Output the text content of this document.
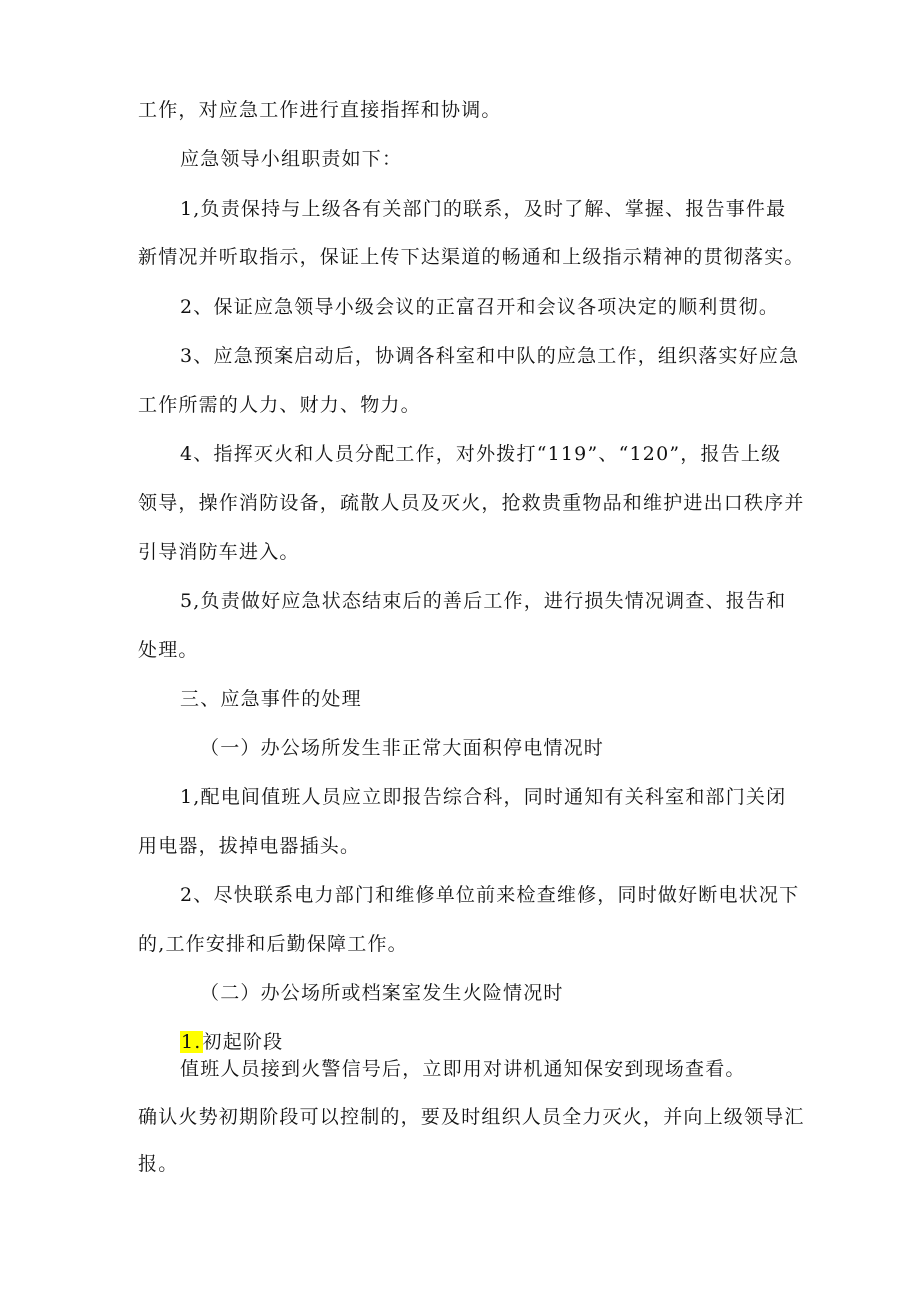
工作，对应急工作进行直接指挥和协调。
应急领导小组职责如下：
1,负责保持与上级各有关部门的联系，及时了解、掌握、报告事件最
新情况并听取指示，保证上传下达渠道的畅通和上级指示精神的贯彻落实。
2、保证应急领导小级会议的正富召开和会议各项决定的顺利贯彻。
3、应急预案启动后，协调各科室和中队的应急工作，组织落实好应急
工作所需的人力、财力、物力。
4、指挥灭火和人员分配工作，对外拨打“119”、“120”，报告上级
领导，操作消防设备，疏散人员及灭火，抢救贵重物品和维护进出口秩序并
引导消防车进入。
5,负责做好应急状态结束后的善后工作，进行损失情况调查、报告和
处理。
三、应急事件的处理
（一）办公场所发生非正常大面积停电情况时
1,配电间值班人员应立即报告综合科，同时通知有关科室和部门关闭
用电器，拔掉电器插头。
2、尽快联系电力部门和维修单位前来检查维修，同时做好断电状况下
的,工作安排和后勤保障工作。
（二）办公场所或档案室发生火险情况时
1.初起阶段
值班人员接到火警信号后，立即用对讲机通知保安到现场查看。
确认火势初期阶段可以控制的，要及时组织人员全力灭火，并向上级领导汇
报。
